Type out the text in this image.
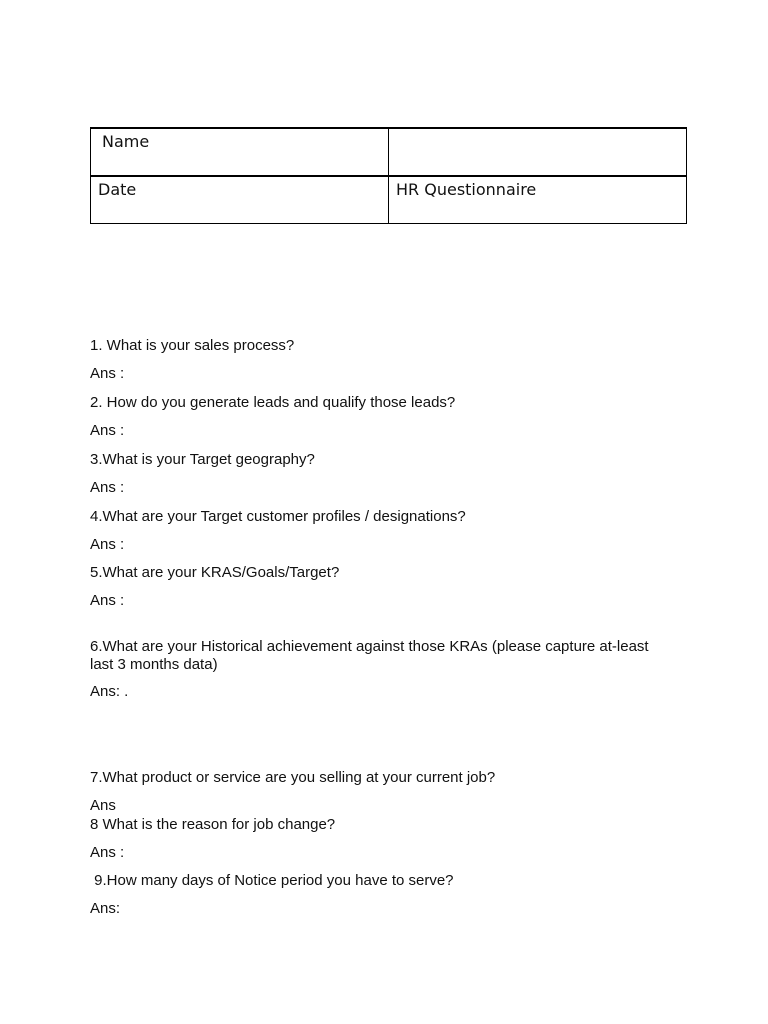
Name	

Date	HR Questionnaire
1. What is your sales process?
Ans :
2. How do you generate leads and qualify those leads?
Ans :
3.What is your Target geography?
Ans :
4.What are your Target customer profiles / designations?
Ans :
5.What are your KRAS/Goals/Target?
Ans :
6.What are your Historical achievement against those KRAs (please capture at-least last 3 months data)
Ans: .
7.What product or service are you selling at your current job?
Ans
8 What is the reason for job change?
Ans :
9.How many days of Notice period you have to serve?
Ans:
